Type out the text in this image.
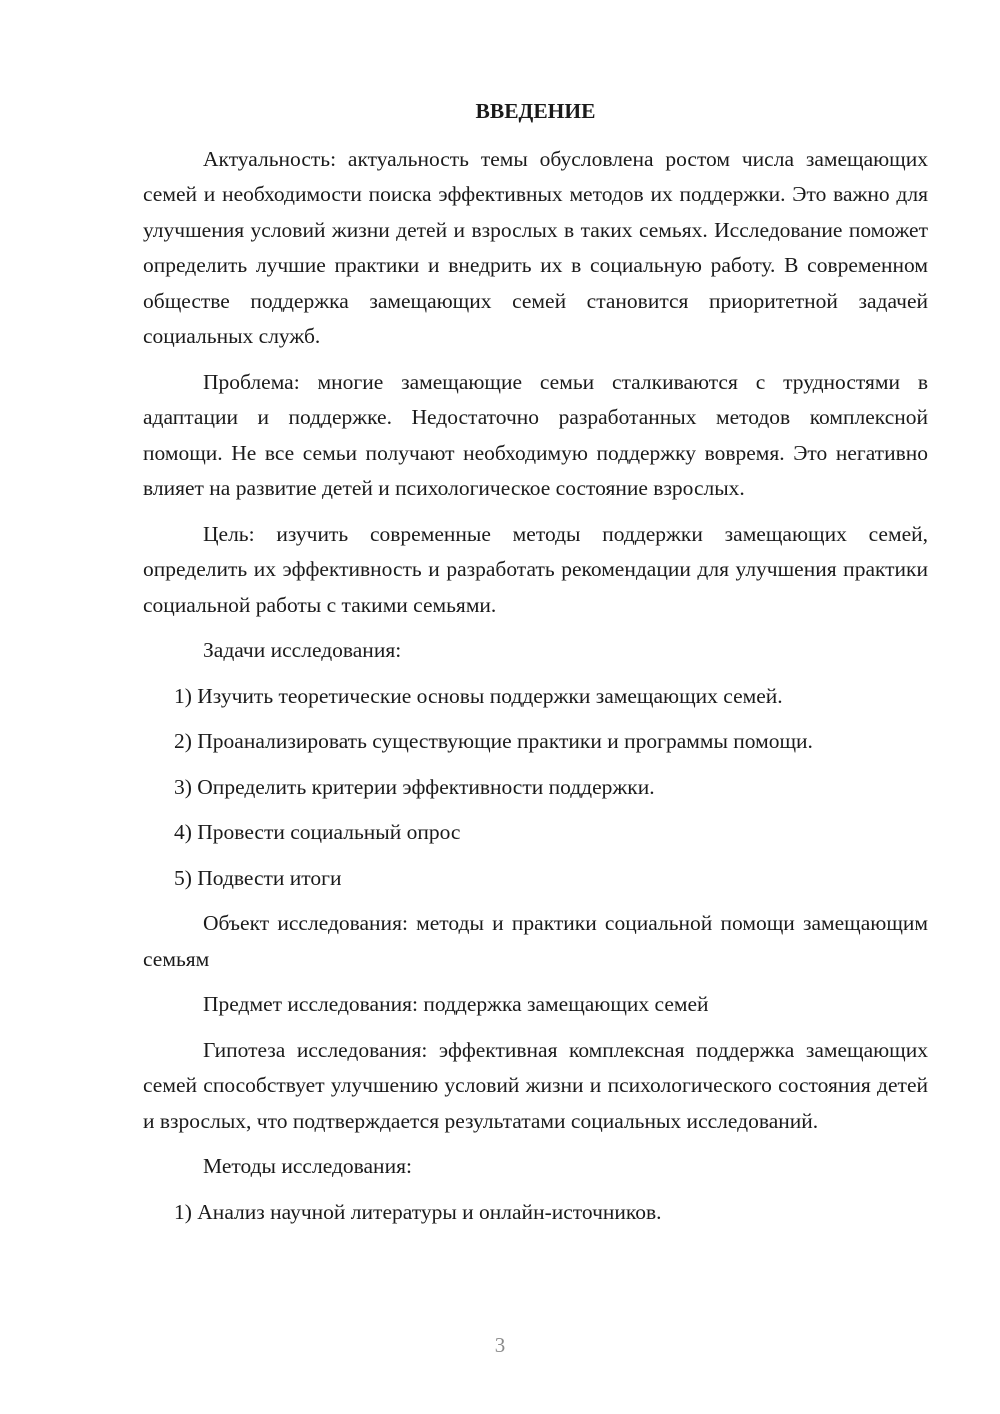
ВВЕДЕНИЕ

Актуальность: актуальность темы обусловлена ростом числа замещающих семей и необходимости поиска эффективных методов их поддержки. Это важно для улучшения условий жизни детей и взрослых в таких семьях. Исследование поможет определить лучшие практики и внедрить их в социальную работу. В современном обществе поддержка замещающих семей становится приоритетной задачей социальных служб.

Проблема: многие замещающие семьи сталкиваются с трудностями в адаптации и поддержке. Недостаточно разработанных методов комплексной помощи. Не все семьи получают необходимую поддержку вовремя. Это негативно влияет на развитие детей и психологическое состояние взрослых.

Цель: изучить современные методы поддержки замещающих семей, определить их эффективность и разработать рекомендации для улучшения практики социальной работы с такими семьями.

Задачи исследования:

1) Изучить теоретические основы поддержки замещающих семей.
2) Проанализировать существующие практики и программы помощи.
3) Определить критерии эффективности поддержки.
4) Провести социальный опрос
5) Подвести итоги

Объект исследования: методы и практики социальной помощи замещающим семьям

Предмет исследования: поддержка замещающих семей

Гипотеза исследования: эффективная комплексная поддержка замещающих семей способствует улучшению условий жизни и психологического состояния детей и взрослых, что подтверждается результатами социальных исследований.

Методы исследования:

1) Анализ научной литературы и онлайн-источников.
3
